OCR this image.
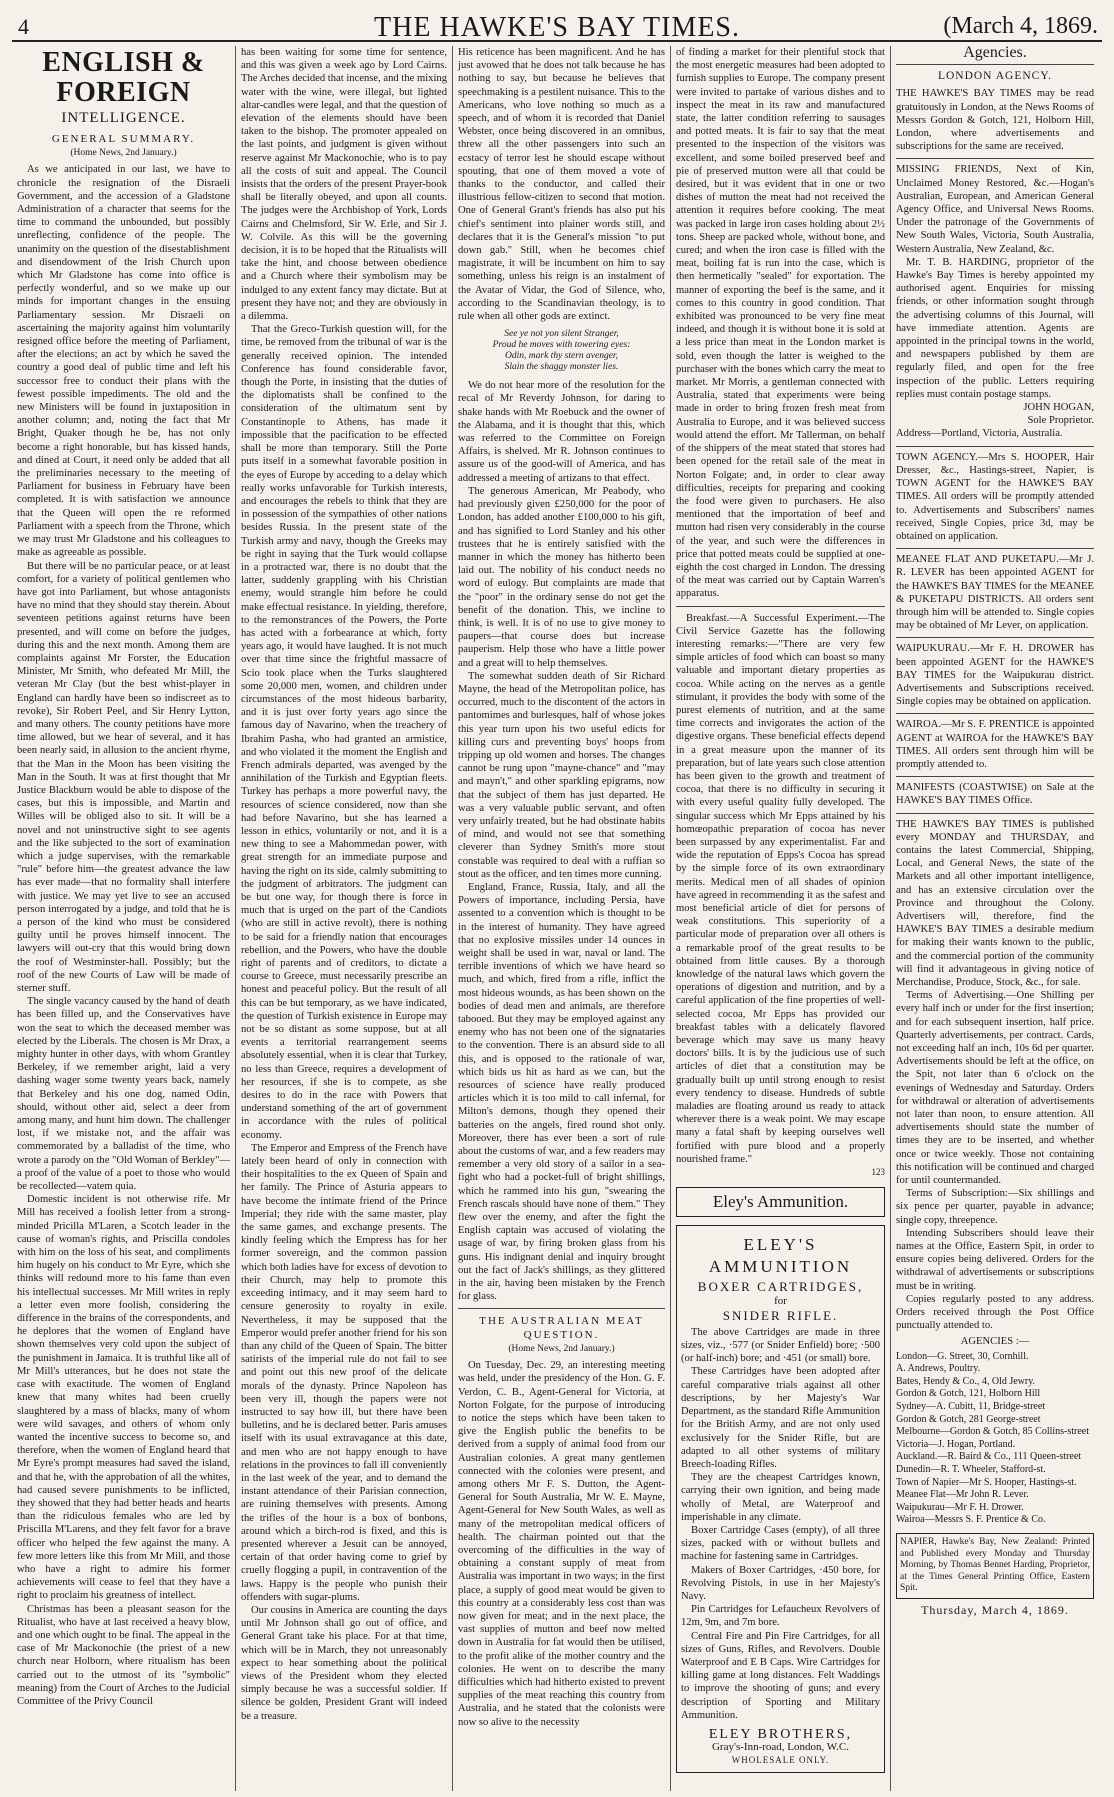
4	THE HAWKE'S BAY TIMES.	(March 4, 1869.
ENGLISH & FOREIGN
INTELLIGENCE.
GENERAL SUMMARY.
(Home News, 2nd January.)

As we anticipated in our last, we have to chronicle the resignation of the Disraeli Government, and the accession of a Gladstone Administration of a character that seems for the time to command the unbounded, but possibly unreflecting, confidence of the people. The unanimity on the question of the disestablishment and disendowment of the Irish Church upon which Mr Gladstone has come into office is perfectly wonderful, and so we make up our minds for important changes in the ensuing Parliamentary session. Mr Disraeli on ascertaining the majority against him voluntarily resigned office before the meeting of Parliament, after the elections; an act by which he saved the country a good deal of public time and left his successor free to conduct their plans with the fewest possible impediments. The old and the new Ministers will be found in juxtaposition in another column; and, noting the fact that Mr Bright, Quaker though he be, has not only become a right honorable, but has kissed hands, and dined at Court, it need only be added that all the preliminaries necessary to the meeting of Parliament for business in February have been completed. It is with satisfaction we announce that the Queen will open the re reformed Parliament with a speech from the Throne, which we may trust Mr Gladstone and his colleagues to make as agreeable as possible.

But there will be no particular peace, or at least comfort, for a variety of political gentlemen who have got into Parliament, but whose antagonists have no mind that they should stay therein. About seventeen petitions against returns have been presented, and will come on before the judges, during this and the next month. Among them are complaints against Mr Forster, the Education Minister, Mr Smith, who defeated Mr Mill, the veteran Mr Clay (but the best whist-player in England can hardly have been so indiscreet as to revoke), Sir Robert Peel, and Sir Henry Lytton, and many others. The county petitions have more time allowed, but we hear of several, and it has been nearly said, in allusion to the ancient rhyme, that the Man in the Moon has been visiting the Man in the South. It was at first thought that Mr Justice Blackburn would be able to dispose of the cases, but this is impossible, and Martin and Willes will be obliged also to sit. It will be a novel and not uninstructive sight to see agents and the like subjected to the sort of examination which a judge supervises, with the remarkable "rule" before him—the greatest advance the law has ever made—that no formality shall interfere with justice. We may yet live to see an accused person interrogated by a judge, and told that he is a person of the kind who must be considered guilty until he proves himself innocent. The lawyers will out-cry that this would bring down the roof of Westminster-hall. Possibly; but the roof of the new Courts of Law will be made of sterner stuff.

The single vacancy caused by the hand of death has been filled up, and the Conservatives have won the seat to which the deceased member was elected by the Liberals. The chosen is Mr Drax, a mighty hunter in other days, with whom Grantley Berkeley, if we remember aright, laid a very dashing wager some twenty years back, namely that Berkeley and his one dog, named Odin, should, without other aid, select a deer from among many, and hunt him down. The challenger lost, if we mistake not, and the affair was commemorated by a balladist of the time, who wrote a parody on the "Old Woman of Berkley"—a proof of the value of a poet to those who would be recollected—vatem quia.

Domestic incident is not otherwise rife. Mr Mill has received a foolish letter from a strong-minded Pricilla M'Laren, a Scotch leader in the cause of woman's rights, and Priscilla condoles with him on the loss of his seat, and compliments him hugely on his conduct to Mr Eyre, which she thinks will redound more to his fame than even his intellectual successes. Mr Mill writes in reply a letter even more foolish, considering the difference in the brains of the correspondents, and he deplores that the women of England have shown themselves very cold upon the subject of the punishment in Jamaica. It is truthful like all of Mr Mill's utterances, but he does not state the case with exactitude. The women of England knew that many whites had been cruelly slaughtered by a mass of blacks, many of whom were wild savages, and others of whom only wanted the incentive success to become so, and therefore, when the women of England heard that Mr Eyre's prompt measures had saved the island, and that he, with the approbation of all the whites, had caused severe punishments to be inflicted, they showed that they had better heads and hearts than the ridiculous females who are led by Priscilla M'Larens, and they felt favor for a brave officer who helped the few against the many. A few more letters like this from Mr Mill, and those who have a right to admire his former achievements will cease to feel that they have a right to proclaim his greatness of intellect.

Christmas has been a pleasant season for the Ritualist, who have at last received a heavy blow, and one which ought to be final. The appeal in the case of Mr Mackonochie (the priest of a new church near Holborn, where ritualism has been carried out to the utmost of its "symbolic" meaning) from the Court of Arches to the Judicial Committee of the Privy Council

has been waiting for some time for sentence, and this was given a week ago by Lord Cairns. The Arches decided that incense, and the mixing water with the wine, were illegal, but lighted altar-candles were legal, and that the question of elevation of the elements should have been taken to the bishop. The promoter appealed on the last points, and judgment is given without reserve against Mr Mackonochie, who is to pay all the costs of suit and appeal. The Council insists that the orders of the present Prayer-book shall be literally obeyed, and upon all counts. The judges were the Archbishop of York, Lords Cairns and Chelmsford, Sir W. Erle, and Sir J. W. Colvile. As this will be the governing decision, it is to be hoped that the Ritualists will take the hint, and choose between obedience and a Church where their symbolism may be indulged to any extent fancy may dictate. But at present they have not; and they are obviously in a dilemma.

That the Greco-Turkish question will, for the time, be removed from the tribunal of war is the generally received opinion. The intended Conference has found considerable favor, though the Porte, in insisting that the duties of the diplomatists shall be confined to the consideration of the ultimatum sent by Constantinople to Athens, has made it impossible that the pacification to be effected shall be more than temporary. Still the Porte puts itself in a somewhat favorable position in the eyes of Europe by acceding to a delay which really works unfavorable for Turkish interests, and encourages the rebels to think that they are in possession of the sympathies of other nations besides Russia. In the present state of the Turkish army and navy, though the Greeks may be right in saying that the Turk would collapse in a protracted war, there is no doubt that the latter, suddenly grappling with his Christian enemy, would strangle him before he could make effectual resistance. In yielding, therefore, to the remonstrances of the Powers, the Porte has acted with a forbearance at which, forty years ago, it would have laughed. It is not much over that time since the frightful massacre of Scio took place when the Turks slaughtered some 20,000 men, women, and children under circumstances of the most hideous barbarity, and it is just over forty years ago since the famous day of Navarino, when the treachery of Ibrahim Pasha, who had granted an armistice, and who violated it the moment the English and French admirals departed, was avenged by the annihilation of the Turkish and Egyptian fleets. Turkey has perhaps a more powerful navy, the resources of science considered, now than she had before Navarino, but she has learned a lesson in ethics, voluntarily or not, and it is a new thing to see a Mahommedan power, with great strength for an immediate purpose and having the right on its side, calmly submitting to the judgment of arbitrators. The judgment can be but one way, for though there is force in much that is urged on the part of the Candiots (who are still in active revolt), there is nothing to be said for a friendly nation that encourages rebellion, and the Powers, who have the double right of parents and of creditors, to dictate a course to Greece, must necessarily prescribe an honest and peaceful policy. But the result of all this can be but temporary, as we have indicated, the question of Turkish existence in Europe may not be so distant as some suppose, but at all events a territorial rearrangement seems absolutely essential, when it is clear that Turkey, no less than Greece, requires a development of her resources, if she is to compete, as she desires to do in the race with Powers that understand something of the art of government in accordance with the rules of political economy.

The Emperor and Empress of the French have lately been heard of only in connection with their hospitalities to the ex Queen of Spain and her family. The Prince of Asturia appears to have become the intimate friend of the Prince Imperial; they ride with the same master, play the same games, and exchange presents. The kindly feeling which the Empress has for her former sovereign, and the common passion which both ladies have for excess of devotion to their Church, may help to promote this exceeding intimacy, and it may seem hard to censure generosity to royalty in exile. Nevertheless, it may be supposed that the Emperor would prefer another friend for his son than any child of the Queen of Spain. The bitter satirists of the imperial rule do not fail to see and point out this new proof of the delicate morals of the dynasty. Prince Napoleon has been very ill, though the papers were not instructed to say how ill, but there have been bulletins, and he is declared better. Paris amuses itself with its usual extravagance at this date, and men who are not happy enough to have relations in the provinces to fall ill conveniently in the last week of the year, and to demand the instant attendance of their Parisian connection, are ruining themselves with presents. Among the trifles of the hour is a box of bonbons, around which a birch-rod is fixed, and this is presented wherever a Jesuit can be annoyed, certain of that order having come to grief by cruelly flogging a pupil, in contravention of the laws. Happy is the people who punish their offenders with sugar-plums.

Our cousins in America are counting the days until Mr Johnson shall go out of office, and General Grant take his place. For at that time, which will be in March, they not unreasonably expect to hear something about the political views of the President whom they elected simply because he was a successful soldier. If silence be golden, President Grant will indeed be a treasure.

His reticence has been magnificent. And he has just avowed that he does not talk because he has nothing to say, but because he believes that speechmaking is a pestilent nuisance. This to the Americans, who love nothing so much as a speech, and of whom it is recorded that Daniel Webster, once being discovered in an omnibus, threw all the other passengers into such an ecstacy of terror lest he should escape without spouting, that one of them moved a vote of thanks to the conductor, and called their illustrious fellow-citizen to second that motion. One of General Grant's friends has also put his chief's sentiment into plainer words still, and declares that it is the General's mission "to put down gab." Still, when he becomes chief magistrate, it will be incumbent on him to say something, unless his reign is an instalment of the Avatar of Vidar, the God of Silence, who, according to the Scandinavian theology, is to rule when all other gods are extinct.

See ye not yon silent Stranger,
Proud he moves with towering eyes:
Odin, mark thy stern avenger,
Slain the shaggy monster lies.

We do not hear more of the resolution for the recal of Mr Reverdy Johnson, for daring to shake hands with Mr Roebuck and the owner of the Alabama, and it is thought that this, which was referred to the Committee on Foreign Affairs, is shelved. Mr R. Johnson continues to assure us of the good-will of America, and has addressed a meeting of artizans to that effect.

The generous American, Mr Peabody, who had previously given £250,000 for the poor of London, has added another £100,000 to his gift, and has signified to Lord Stanley and his other trustees that he is entirely satisfied with the manner in which the money has hitherto been laid out. The nobility of his conduct needs no word of eulogy. But complaints are made that the "poor" in the ordinary sense do not get the benefit of the donation. This, we incline to think, is well. It is of no use to give money to paupers—that course does but increase pauperism. Help those who have a little power and a great will to help themselves.

The somewhat sudden death of Sir Richard Mayne, the head of the Metropolitan police, has occurred, much to the discontent of the actors in pantomimes and burlesques, half of whose jokes this year turn upon his two useful edicts for killing curs and preventing boys' hoops from tripping up old women and horses. The changes cannot be rung upon "mayne-chance" and "may and mayn't," and other sparkling epigrams, now that the subject of them has just departed. He was a very valuable public servant, and often very unfairly treated, but he had obstinate habits of mind, and would not see that something cleverer than Sydney Smith's more stout constable was required to deal with a ruffian so stout as the officer, and ten times more cunning.

England, France, Russia, Italy, and all the Powers of importance, including Persia, have assented to a convention which is thought to be in the interest of humanity. They have agreed that no explosive missiles under 14 ounces in weight shall be used in war, naval or land. The terrible inventions of which we have heard so much, and which, fired from a rifle, inflict the most hideous wounds, as has been shown on the bodies of dead men and animals, are therefore tabooed. But they may be employed against any enemy who has not been one of the signataries to the convention. There is an absurd side to all this, and is opposed to the rationale of war, which bids us hit as hard as we can, but the resources of science have really produced articles which it is too mild to call infernal, for Milton's demons, though they opened their batteries on the angels, fired round shot only. Moreover, there has ever been a sort of rule about the customs of war, and a few readers may remember a very old story of a sailor in a sea-fight who had a pocket-full of bright shillings, which he rammed into his gun, "swearing the French rascals should have none of them." They flew over the enemy, and after the fight the English captain was accused of violating the usage of war, by firing broken glass from his guns. His indignant denial and inquiry brought out the fact of Jack's shillings, as they glittered in the air, having been mistaken by the French for glass.

THE AUSTRALIAN MEAT QUESTION.
(Home News, 2nd January.)

On Tuesday, Dec. 29, an interesting meeting was held, under the presidency of the Hon. G. F. Verdon, C. B., Agent-General for Victoria, at Norton Folgate, for the purpose of introducing to notice the steps which have been taken to give the English public the benefits to be derived from a supply of animal food from our Australian colonies. A great many gentlemen connected with the colonies were present, and among others Mr F. S. Dutton, the Agent-General for South Australia, Mr W. E. Mayne, Agent-General for New South Wales, as well as many of the metropolitan medical officers of health. The chairman pointed out that the overcoming of the difficulties in the way of obtaining a constant supply of meat from Australia was important in two ways; in the first place, a supply of good meat would be given to this country at a considerably less cost than was now given for meat; and in the next place, the vast supplies of mutton and beef now melted down in Australia for fat would then be utilised, to the profit alike of the mother country and the colonies. He went on to describe the many difficulties which had hitherto existed to prevent supplies of the meat reaching this country from Australia, and he stated that the colonists were now so alive to the necessity

of finding a market for their plentiful stock that the most energetic measures had been adopted to furnish supplies to Europe. The company present were invited to partake of various dishes and to inspect the meat in its raw and manufactured state, the latter condition referring to sausages and potted meats. It is fair to say that the meat presented to the inspection of the visitors was excellent, and some boiled preserved beef and pie of preserved mutton were all that could be desired, but it was evident that in one or two dishes of mutton the meat had not received the attention it requires before cooking. The meat was packed in large iron cases holding about 2½ tons. Sheep are packed whole, without bone, and cured; and when the iron case is filled with the meat, boiling fat is run into the case, which is then hermetically "sealed" for exportation. The manner of exporting the beef is the same, and it comes to this country in good condition. That exhibited was pronounced to be very fine meat indeed, and though it is without bone it is sold at a less price than meat in the London market is sold, even though the latter is weighed to the purchaser with the bones which carry the meat to market. Mr Morris, a gentleman connected with Australia, stated that experiments were being made in order to bring frozen fresh meat from Australia to Europe, and it was believed success would attend the effort. Mr Tallerman, on behalf of the shippers of the meat stated that stores had been opened for the retail sale of the meat in Norton Folgate; and, in order to clear away difficulties, receipts for preparing and cooking the food were given to purchasers. He also mentioned that the importation of beef and mutton had risen very considerably in the course of the year, and such were the differences in price that potted meats could be supplied at one-eighth the cost charged in London. The dressing of the meat was carried out by Captain Warren's apparatus.

Breakfast.—A Successful Experiment.—The Civil Service Gazette has the following interesting remarks:—"There are very few simple articles of food which can boast so many valuable and important dietary properties as cocoa. While acting on the nerves as a gentle stimulant, it provides the body with some of the purest elements of nutrition, and at the same time corrects and invigorates the action of the digestive organs. These beneficial effects depend in a great measure upon the manner of its preparation, but of late years such close attention has been given to the growth and treatment of cocoa, that there is no difficulty in securing it with every useful quality fully developed. The singular success which Mr Epps attained by his homœopathic preparation of cocoa has never been surpassed by any experimentalist. Far and wide the reputation of Epps's Cocoa has spread by the simple force of its own extraordinary merits. Medical men of all shades of opinion have agreed in recommending it as the safest and most beneficial article of diet for persons of weak constitutions. This superiority of a particular mode of preparation over all others is a remarkable proof of the great results to be obtained from little causes. By a thorough knowledge of the natural laws which govern the operations of digestion and nutrition, and by a careful application of the fine properties of well-selected cocoa, Mr Epps has provided our breakfast tables with a delicately flavored beverage which may save us many heavy doctors' bills. It is by the judicious use of such articles of diet that a constitution may be gradually built up until strong enough to resist every tendency to disease. Hundreds of subtle maladies are floating around us ready to attack wherever there is a weak point. We may escape many a fatal shaft by keeping ourselves well fortified with pure blood and a properly nourished frame."

123
Eley's Ammunition.
ELEY'S AMMUNITION
BOXER CARTRIDGES,
for
SNIDER RIFLE.

The above Cartridges are made in three sizes, viz., ·577 (or Snider Enfield) bore; ·500 (or half-inch) bore; and ·451 (or small) bore.

These Cartridges have been adopted after careful comparative trials against all other descriptions, by her Majesty's War Department, as the standard Rifle Ammunition for the British Army, and are not only used exclusively for the Snider Rifle, but are adapted to all other systems of military Breech-loading Rifles.

They are the cheapest Cartridges known, carrying their own ignition, and being made wholly of Metal, are Waterproof and imperishable in any climate.

Boxer Cartridge Cases (empty), of all three sizes, packed with or without bullets and machine for fastening same in Cartridges.

Makers of Boxer Cartridges, ·450 bore, for Revolving Pistols, in use in her Majesty's Navy.

Pin Cartridges for Lefaucheux Revolvers of 12m, 9m, and 7m bore.

Central Fire and Pin Fire Cartridges, for all sizes of Guns, Rifles, and Revolvers. Double Waterproof and E B Caps. Wire Cartridges for killing game at long distances. Felt Waddings to improve the shooting of guns; and every description of Sporting and Military Ammunition.

ELEY BROTHERS,
Gray's-Inn-road, London, W.C.
WHOLESALE ONLY.
Agencies.
LONDON AGENCY.

THE HAWKE'S BAY TIMES may be read gratuitously in London, at the News Rooms of Messrs Gordon & Gotch, 121, Holborn Hill, London, where advertisements and subscriptions for the same are received.

MISSING FRIENDS, Next of Kin, Unclaimed Money Restored, &c.—Hogan's Australian, European, and American General Agency Office, and Universal News Rooms. Under the patronage of the Governments of New South Wales, Victoria, South Australia, Western Australia, New Zealand, &c.

Mr. T. B. HARDING, proprietor of the Hawke's Bay Times is hereby appointed my authorised agent. Enquiries for missing friends, or other information sought through the advertising columns of this Journal, will have immediate attention. Agents are appointed in the principal towns in the world, and newspapers published by them are regularly filed, and open for the free inspection of the public. Letters requiring replies must contain postage stamps.

JOHN HOGAN,

Sole Proprietor.

Address—Portland, Victoria, Australia.

TOWN AGENCY.—Mrs S. HOOPER, Hair Dresser, &c., Hastings-street, Napier, is TOWN AGENT for the HAWKE'S BAY TIMES. All orders will be promptly attended to. Advertisements and Subscribers' names received, Single Copies, price 3d, may be obtained on application.

MEANEE FLAT AND PUKETAPU.—Mr J. R. LEVER has been appointed AGENT for the HAWKE'S BAY TIMES for the MEANEE & PUKETAPU DISTRICTS. All orders sent through him will be attended to. Single copies may be obtained of Mr Lever, on application.

WAIPUKURAU.—Mr F. H. DROWER has been appointed AGENT for the HAWKE'S BAY TIMES for the Waipukurau district. Advertisements and Subscriptions received. Single copies may be obtained on application.

WAIROA.—Mr S. F. PRENTICE is appointed AGENT at WAIROA for the HAWKE'S BAY TIMES. All orders sent through him will be promptly attended to.

MANIFESTS (COASTWISE) on Sale at the HAWKE'S BAY TIMES Office.

THE HAWKE'S BAY TIMES is published every MONDAY and THURSDAY, and contains the latest Commercial, Shipping, Local, and General News, the state of the Markets and all other important intelligence, and has an extensive circulation over the Province and throughout the Colony. Advertisers will, therefore, find the HAWKE'S BAY TIMES a desirable medium for making their wants known to the public, and the commercial portion of the community will find it advantageous in giving notice of Merchandise, Produce, Stock, &c., for sale.

Terms of Advertising.—One Shilling per every half inch or under for the first insertion; and for each subsequent insertion, half price. Quarterly advertisements, per contract. Cards, not exceeding half an inch, 10s 6d per quarter. Advertisements should be left at the office, on the Spit, not later than 6 o'clock on the evenings of Wednesday and Saturday. Orders for withdrawal or alteration of advertisements not later than noon, to ensure attention. All advertisements should state the number of times they are to be inserted, and whether once or twice weekly. Those not containing this notification will be continued and charged for until countermanded.

Terms of Subscription:—Six shillings and six pence per quarter, payable in advance; single copy, threepence.

Intending Subscribers should leave their names at the Office, Eastern Spit, in order to ensure copies being delivered. Orders for the withdrawal of advertisements or subscriptions must be in writing.

Copies regularly posted to any address. Orders received through the Post Office punctually attended to.

AGENCIES :—

London—G. Street, 30, Cornhill.

A. Andrews, Poultry.

Bates, Hendy & Co., 4, Old Jewry.

Gordon & Gotch, 121, Holborn Hill

Sydney—A. Cubitt, 11, Bridge-street

Gordon & Gotch, 281 George-street

Melbourne—Gordon & Gotch, 85 Collins-street

Victoria—J. Hogan, Portland.

Auckland.—R. Baird & Co., 111 Queen-street

Dunedin—R. T. Wheeler, Stafford-st.

Town of Napier—Mr S. Hooper, Hastings-st.

Meanee Flat—Mr John R. Lever.

Waipukurau—Mr F. H. Drower.

Wairoa—Messrs S. F. Prentice & Co.

NAPIER, Hawke's Bay, New Zealand: Printed and Published every Monday and Thursday Morning, by Thomas Bennet Harding, Proprietor, at the Times General Printing Office, Eastern Spit.
Thursday, March 4, 1869.
